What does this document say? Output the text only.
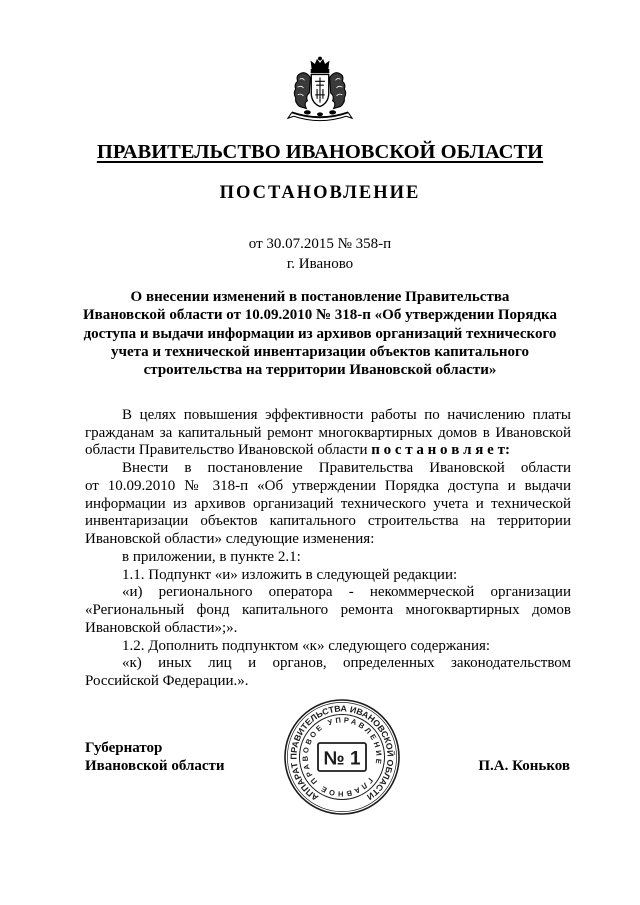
ПРАВИТЕЛЬСТВО ИВАНОВСКОЙ ОБЛАСТИ
ПОСТАНОВЛЕНИЕ
от 30.07.2015 № 358-п
г. Иваново
О внесении изменений в постановление Правительства
Ивановской области от 10.09.2010 № 318-п «Об утверждении Порядка
доступа и выдачи информации из архивов организаций технического
учета и технической инвентаризации объектов капитального
строительства на территории Ивановской области»
В целях повышения эффективности работы по начислению платы
гражданам за капитальный ремонт многоквартирных домов в Ивановской
области Правительство Ивановской области п о с т а н о в л я е т:
Внести в постановление Правительства Ивановской области
от 10.09.2010 № 318-п «Об утверждении Порядка доступа и выдачи
информации из архивов организаций технического учета и технической
инвентаризации объектов капитального строительства на территории
Ивановской области» следующие изменения:
в приложении, в пункте 2.1:
1.1. Подпункт «и» изложить в следующей редакции:
«и) регионального оператора - некоммерческой организации
«Региональный фонд капитального ремонта многоквартирных домов
Ивановской области»;».
1.2. Дополнить подпунктом «к» следующего содержания:
«к) иных лиц и органов, определенных законодательством
Российской Федерации.».
Губернатор
Ивановской области	П.А. Коньков
АППАРАТ ПРАВИТЕЛЬСТВА ИВАНОВСКОЙ ОБЛАСТИ
ГЛАВНОЕ ПРАВОВОЕ УПРАВЛЕНИЕ
№ 1
